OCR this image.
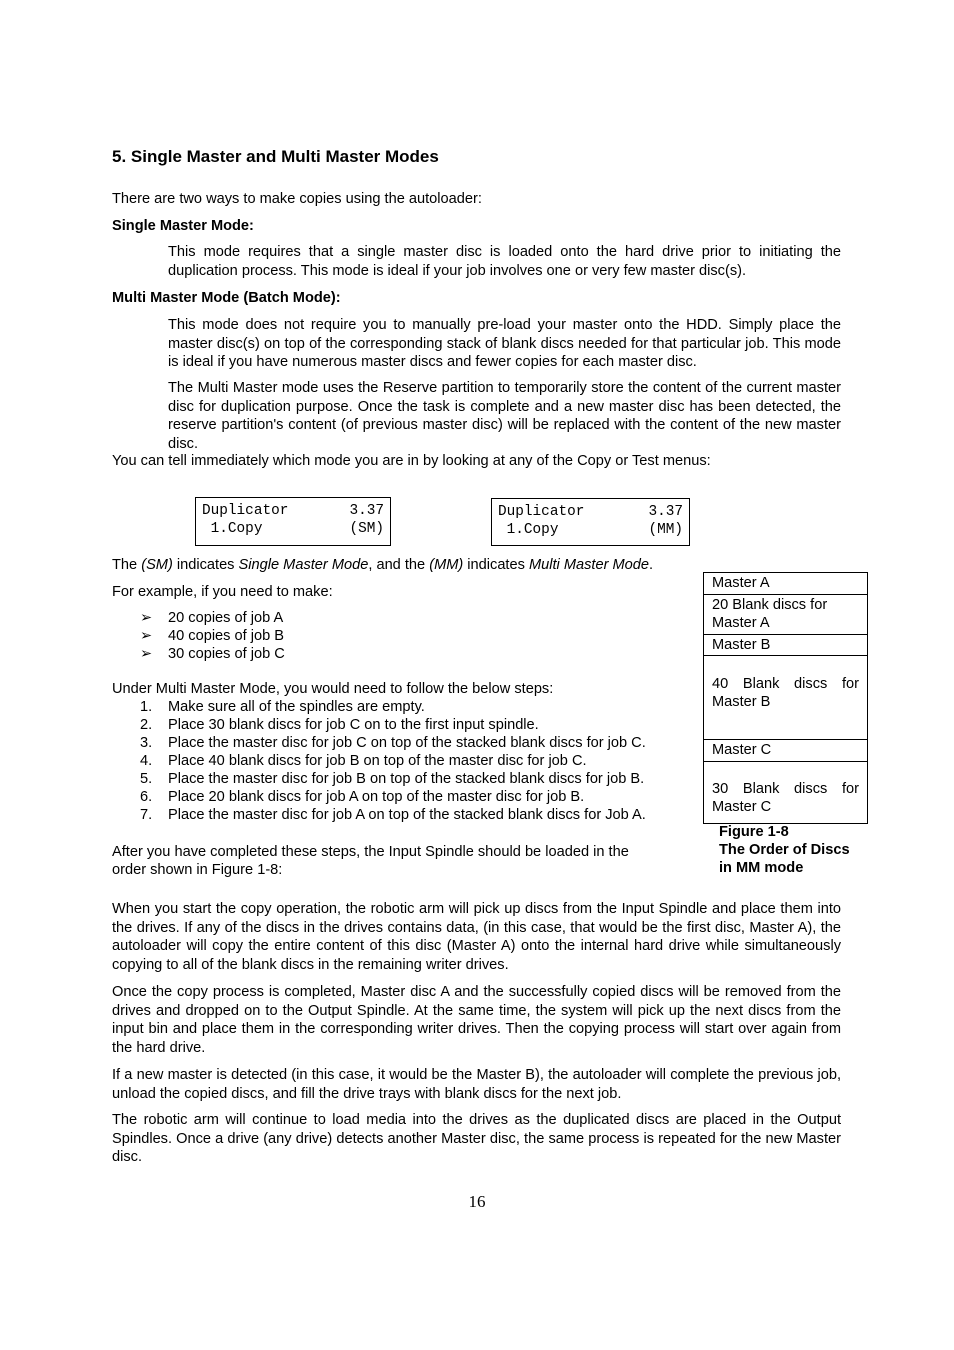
5. Single Master and Multi Master Modes
There are two ways to make copies using the autoloader:
Single Master Mode:
This mode requires that a single master disc is loaded onto the hard drive prior to initiating the duplication process. This mode is ideal if your job involves one or very few master disc(s).
Multi Master Mode (Batch Mode):
This mode does not require you to manually pre-load your master onto the HDD. Simply place the master disc(s) on top of the corresponding stack of blank discs needed for that particular job. This mode is ideal if you have numerous master discs and fewer copies for each master disc.
The Multi Master mode uses the Reserve partition to temporarily store the content of the current master disc for duplication purpose. Once the task is complete and a new master disc has been detected, the reserve partition's content (of previous master disc) will be replaced with the content of the new master disc.
You can tell immediately which mode you are in by looking at any of the Copy or Test menus:
Duplicator	3.37
1.Copy	(SM)
Duplicator	3.37
1.Copy	(MM)
The (SM) indicates Single Master Mode, and the (MM) indicates Multi Master Mode.
For example, if you need to make:
➢ 20 copies of job A
➢ 40 copies of job B
➢ 30 copies of job C
Under Multi Master Mode, you would need to follow the below steps:
1. Make sure all of the spindles are empty.
2. Place 30 blank discs for job C on to the first input spindle.
3. Place the master disc for job C on top of the stacked blank discs for job C.
4. Place 40 blank discs for job B on top of the master disc for job C.
5. Place the master disc for job B on top of the stacked blank discs for job B.
6. Place 20 blank discs for job A on top of the master disc for job B.
7. Place the master disc for job A on top of the stacked blank discs for Job A.
After you have completed these steps, the Input Spindle should be loaded in the
order shown in Figure 1-8:
Master A
20 Blank discs for Master A
Master B
40 Blank discs for Master B
Master C
30 Blank discs for Master C
Figure 1-8
The Order of Discs
in MM mode
When you start the copy operation, the robotic arm will pick up discs from the Input Spindle and place them into the drives. If any of the discs in the drives contains data, (in this case, that would be the first disc, Master A), the autoloader will copy the entire content of this disc (Master A) onto the internal hard drive while simultaneously copying to all of the blank discs in the remaining writer drives.
Once the copy process is completed, Master disc A and the successfully copied discs will be removed from the drives and dropped on to the Output Spindle. At the same time, the system will pick up the next discs from the input bin and place them in the corresponding writer drives. Then the copying process will start over again from the hard drive.
If a new master is detected (in this case, it would be the Master B), the autoloader will complete the previous job, unload the copied discs, and fill the drive trays with blank discs for the next job.
The robotic arm will continue to load media into the drives as the duplicated discs are placed in the Output Spindles. Once a drive (any drive) detects another Master disc, the same process is repeated for the new Master disc.
16
